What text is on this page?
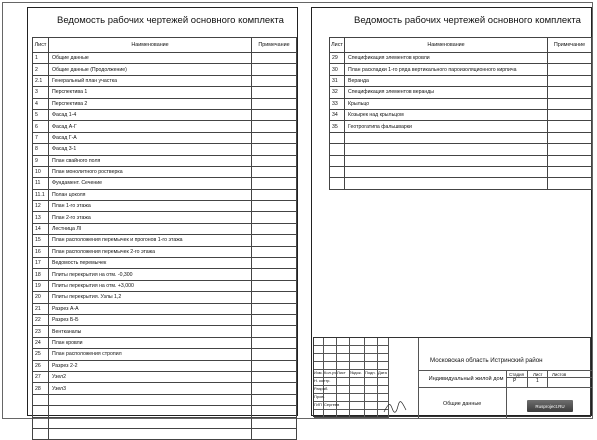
Ведомость рабочих чертежей основного комплекта
Лист	Наименование	Примечание
1	Общие данные	
2	Общие данные (Продолжение)	
2.1	Генеральный план участка	
3	Перспектива 1	
4	Перспектива 2	
5	Фасад 1-4	
6	Фасад А-Г	
7	Фасад Г-А	
8	Фасад 3-1	
9	План свайного поля	
10	План монолитного ростверка	
11	Фундамент. Сечение	
11.1	Полан цоколя	
12	План 1-го этажа	
13	План 2-го этажа	
14	Лестница ЛI	
15	План расположения перемычек и прогонов 1-го этажа	
16	План расположения перемычек 2-го этажа	
17	Ведомость перемычек	
18	Плиты перекрытия на отм. -0,300	
19	Плиты перекрытия на отм. +3,000	
20	Плиты перекрытия. Узлы 1,2	
21	Разрез А-А	
22	Разрез Б-Б	
23	Вентканалы	
24	План кровли	
25	План расположения стропил	
26	Разрез 2-2	
27	Узел2	
28	Узел3	

Ведомость рабочих чертежей основного комплекта
Лист	Наименование	Примечание
29	Спецификация элементов кровли	
30	План раскладки 1-го ряда вертикального пароизоляционного кирпича	
31	Веранда	
32	Спецификация элементов веранды	
33	Крыльцо	
34	Козырек над крыльцом	
35	Геотрогатипа фальшварки	

Изм.
Н. контр.
Разраб.
Пров.
ГИП
Кол.уч
Сергеев
Лист	№док. Подп. Дата
Московская область Истринский район
Индивидуальный жилой дом
Стадия Лист Листов
Р	1
Общие данные	Rusproject.RU
